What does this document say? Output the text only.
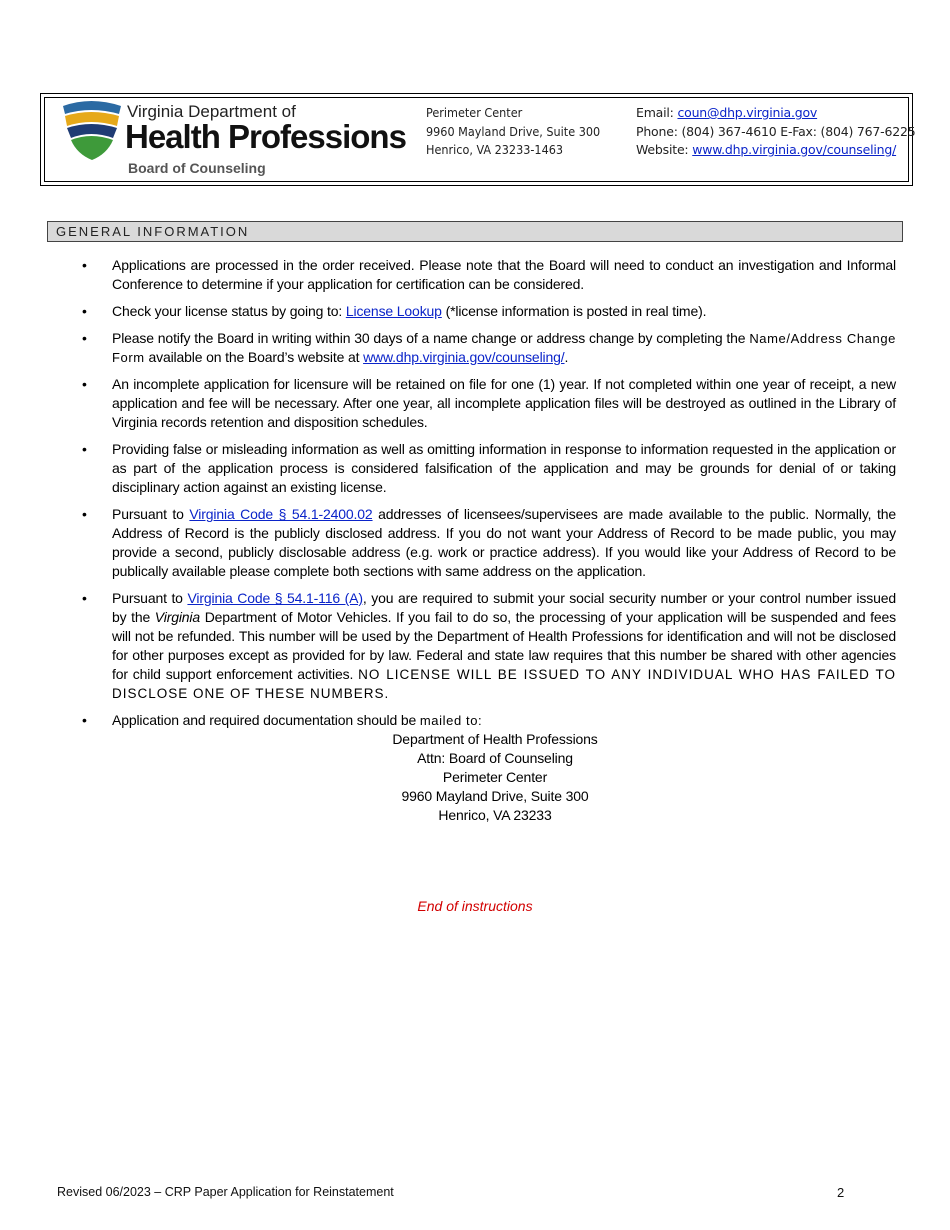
Virginia Department of
Health Professions
Board of Counseling
Perimeter Center
9960 Mayland Drive, Suite 300
Henrico, VA 23233-1463
Email: coun@dhp.virginia.gov
Phone: (804) 367-4610 E-Fax: (804) 767-6225
Website: www.dhp.virginia.gov/counseling/
GENERAL INFORMATION
• Applications are processed in the order received. Please note that the Board will need to conduct an investigation and Informal Conference to determine if your application for certification can be considered.
• Check your license status by going to: License Lookup (*license information is posted in real time).
• Please notify the Board in writing within 30 days of a name change or address change by completing the Name/Address Change Form available on the Board’s website at www.dhp.virginia.gov/counseling/.
• An incomplete application for licensure will be retained on file for one (1) year. If not completed within one year of receipt, a new application and fee will be necessary. After one year, all incomplete application files will be destroyed as outlined in the Library of Virginia records retention and disposition schedules.
• Providing false or misleading information as well as omitting information in response to information requested in the application or as part of the application process is considered falsification of the application and may be grounds for denial of or taking disciplinary action against an existing license.
• Pursuant to Virginia Code § 54.1-2400.02 addresses of licensees/supervisees are made available to the public. Normally, the Address of Record is the publicly disclosed address. If you do not want your Address of Record to be made public, you may provide a second, publicly disclosable address (e.g. work or practice address). If you would like your Address of Record to be publically available please complete both sections with same address on the application.
• Pursuant to Virginia Code § 54.1-116 (A), you are required to submit your social security number or your control number issued by the Virginia Department of Motor Vehicles. If you fail to do so, the processing of your application will be suspended and fees will not be refunded. This number will be used by the Department of Health Professions for identification and will not be disclosed for other purposes except as provided for by law. Federal and state law requires that this number be shared with other agencies for child support enforcement activities. NO LICENSE WILL BE ISSUED TO ANY INDIVIDUAL WHO HAS FAILED TO DISCLOSE ONE OF THESE NUMBERS.
• Application and required documentation should be mailed to:
Department of Health Professions
Attn: Board of Counseling
Perimeter Center
9960 Mayland Drive, Suite 300
Henrico, VA 23233
End of instructions
Revised 06/2023 – CRP Paper Application for Reinstatement	2
